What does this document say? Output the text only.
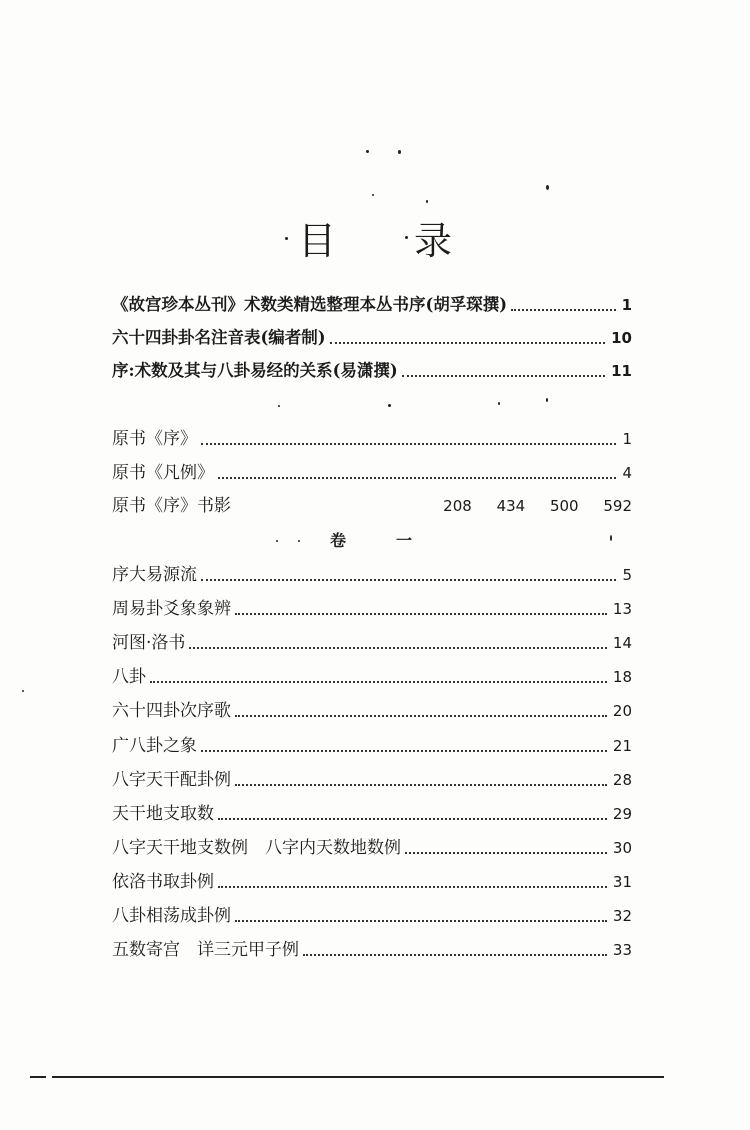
目 录
《故宫珍本丛刊》术数类精选整理本丛书序(胡孚琛撰)	1
六十四卦卦名注音表(编者制)	10
序:术数及其与八卦易经的关系(易潇撰)	11
原书《序》	1
原书《凡例》	4
原书《序》书影	208 434 500 592
卷	一
序大易源流	5
周易卦爻象象辨	13
河图·洛书	14
八卦	18
六十四卦次序歌	20
广八卦之象	21
八字天干配卦例	28
天干地支取数	29
八字天干地支数例　八字内天数地数例	30
依洛书取卦例	31
八卦相荡成卦例	32
五数寄宫　详三元甲子例	33
